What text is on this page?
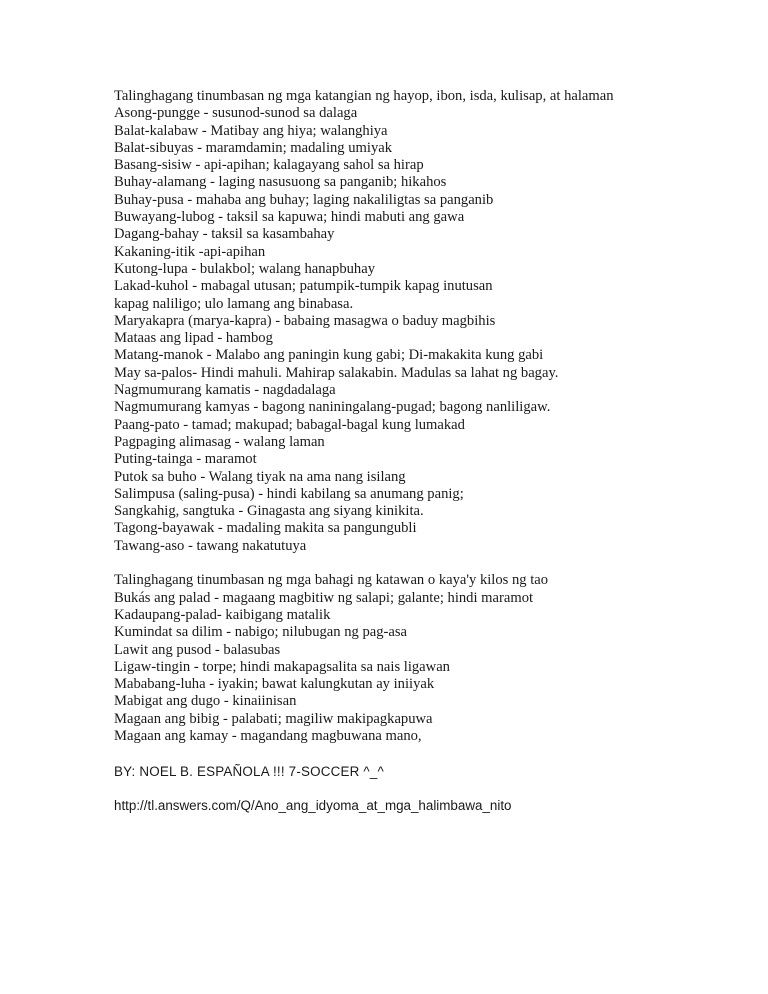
Talinghagang tinumbasan ng mga katangian ng hayop, ibon, isda, kulisap, at halaman

Asong-pungge - susunod-sunod sa dalaga

Balat-kalabaw - Matibay ang hiya; walanghiya

Balat-sibuyas - maramdamin; madaling umiyak

Basang-sisiw - api-apihan; kalagayang sahol sa hirap

Buhay-alamang - laging nasusuong sa panganib; hikahos

Buhay-pusa - mahaba ang buhay; laging nakaliligtas sa panganib

Buwayang-lubog - taksil sa kapuwa; hindi mabuti ang gawa

Dagang-bahay - taksil sa kasambahay

Kakaning-itik -api-apihan

Kutong-lupa - bulakbol; walang hanapbuhay

Lakad-kuhol - mabagal utusan; patumpik-tumpik kapag inutusan

kapag naliligo; ulo lamang ang binabasa.

Maryakapra (marya-kapra) - babaing masagwa o baduy magbihis

Mataas ang lipad - hambog

Matang-manok - Malabo ang paningin kung gabi; Di-makakita kung gabi

May sa-palos- Hindi mahuli. Mahirap salakabin. Madulas sa lahat ng bagay.

Nagmumurang kamatis - nagdadalaga

Nagmumurang kamyas - bagong naniningalang-pugad; bagong nanliligaw.

Paang-pato - tamad; makupad; babagal-bagal kung lumakad

Pagpaging alimasag - walang laman

Puting-tainga - maramot

Putok sa buho - Walang tiyak na ama nang isilang

Salimpusa (saling-pusa) - hindi kabilang sa anumang panig;

Sangkahig, sangtuka - Ginagasta ang siyang kinikita.

Tagong-bayawak - madaling makita sa pangungubli

Tawang-aso - tawang nakatutuya

Talinghagang tinumbasan ng mga bahagi ng katawan o kaya'y kilos ng tao

Bukás ang palad - magaang magbitiw ng salapi; galante; hindi maramot

Kadaupang-palad- kaibigang matalik

Kumindat sa dilim - nabigo; nilubugan ng pag-asa

Lawit ang pusod - balasubas

Ligaw-tingin - torpe; hindi makapagsalita sa nais ligawan

Mababang-luha - iyakin; bawat kalungkutan ay iniiyak

Mabigat ang dugo - kinaiinisan

Magaan ang bibig - palabati; magiliw makipagkapuwa

Magaan ang kamay - magandang magbuwana mano,

BY: NOEL B. ESPAÑOLA !!! 7-SOCCER ^_^

http://tl.answers.com/Q/Ano_ang_idyoma_at_mga_halimbawa_nito
